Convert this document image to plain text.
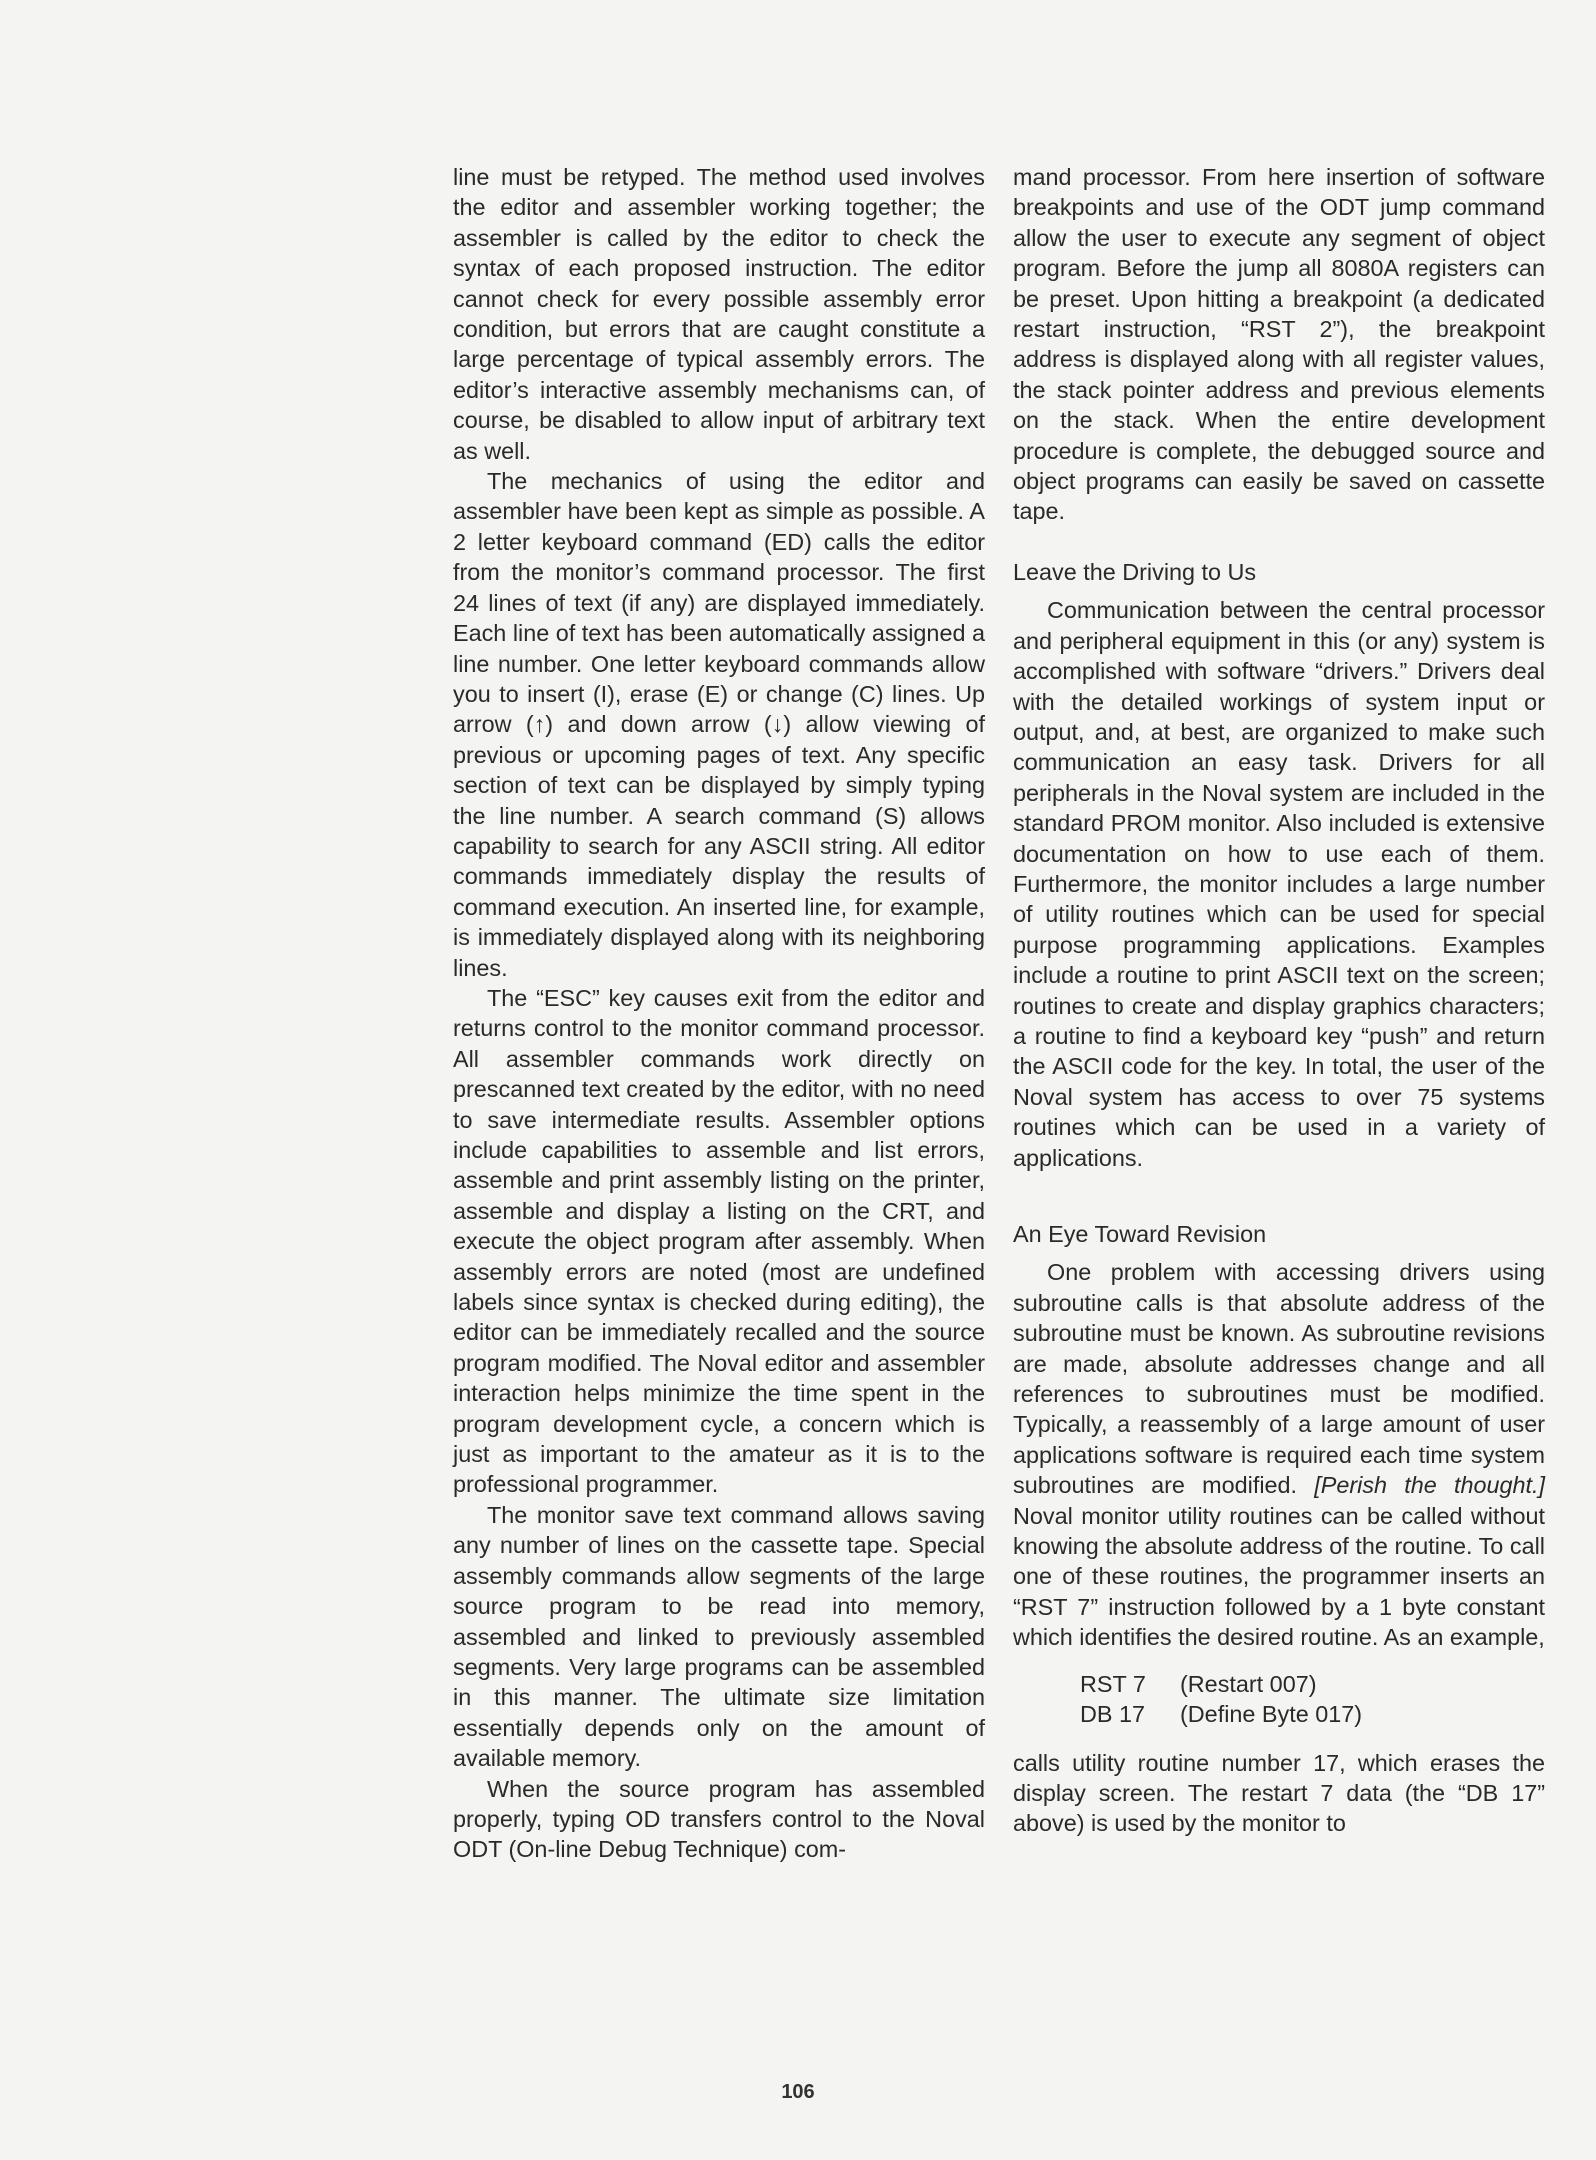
line must be retyped. The method used involves the editor and assembler working together; the assembler is called by the editor to check the syntax of each proposed instruction. The editor cannot check for every possible assembly error condition, but errors that are caught constitute a large percentage of typical assembly errors. The editor’s interactive assembly mechanisms can, of course, be disabled to allow input of arbitrary text as well.

The mechanics of using the editor and assembler have been kept as simple as possible. A 2 letter keyboard command (ED) calls the editor from the monitor’s command processor. The first 24 lines of text (if any) are displayed immediately. Each line of text has been automatically assigned a line number. One letter keyboard commands allow you to insert (I), erase (E) or change (C) lines. Up arrow (↑) and down arrow (↓) allow viewing of previous or upcoming pages of text. Any specific section of text can be displayed by simply typing the line number. A search command (S) allows capability to search for any ASCII string. All editor commands immediately display the results of command execution. An inserted line, for example, is immediately displayed along with its neighboring lines.

The “ESC” key causes exit from the editor and returns control to the monitor command processor. All assembler commands work directly on prescanned text created by the editor, with no need to save intermediate results. Assembler options include capabilities to assemble and list errors, assemble and print assembly listing on the printer, assemble and display a listing on the CRT, and execute the object program after assembly. When assembly errors are noted (most are undefined labels since syntax is checked during editing), the editor can be immediately recalled and the source program modified. The Noval editor and assembler interaction helps minimize the time spent in the program development cycle, a concern which is just as important to the amateur as it is to the professional programmer.

The monitor save text command allows saving any number of lines on the cassette tape. Special assembly commands allow segments of the large source program to be read into memory, assembled and linked to previously assembled segments. Very large programs can be assembled in this manner. The ultimate size limitation essentially depends only on the amount of available memory.

When the source program has assembled properly, typing OD transfers control to the Noval ODT (On-line Debug Technique) com-

mand processor. From here insertion of software breakpoints and use of the ODT jump command allow the user to execute any segment of object program. Before the jump all 8080A registers can be preset. Upon hitting a breakpoint (a dedicated restart instruction, “RST 2”), the breakpoint address is displayed along with all register values, the stack pointer address and previous elements on the stack. When the entire development procedure is complete, the debugged source and object programs can easily be saved on cassette tape.

Leave the Driving to Us

Communication between the central processor and peripheral equipment in this (or any) system is accomplished with software “drivers.” Drivers deal with the detailed workings of system input or output, and, at best, are organized to make such communication an easy task. Drivers for all peripherals in the Noval system are included in the standard PROM monitor. Also included is extensive documentation on how to use each of them. Furthermore, the monitor includes a large number of utility routines which can be used for special purpose programming applications. Examples include a routine to print ASCII text on the screen; routines to create and display graphics characters; a routine to find a keyboard key “push” and return the ASCII code for the key. In total, the user of the Noval system has access to over 75 systems routines which can be used in a variety of applications.

An Eye Toward Revision

One problem with accessing drivers using subroutine calls is that absolute address of the subroutine must be known. As subroutine revisions are made, absolute addresses change and all references to subroutines must be modified. Typically, a reassembly of a large amount of user applications software is required each time system subroutines are modified. [Perish the thought.] Noval monitor utility routines can be called without knowing the absolute address of the routine. To call one of these routines, the programmer inserts an “RST 7” instruction followed by a 1 byte constant which identifies the desired routine. As an example,

RST 7	(Restart 007)
DB 17	(Define Byte 017)

calls utility routine number 17, which erases the display screen. The restart 7 data (the “DB 17” above) is used by the monitor to

106
